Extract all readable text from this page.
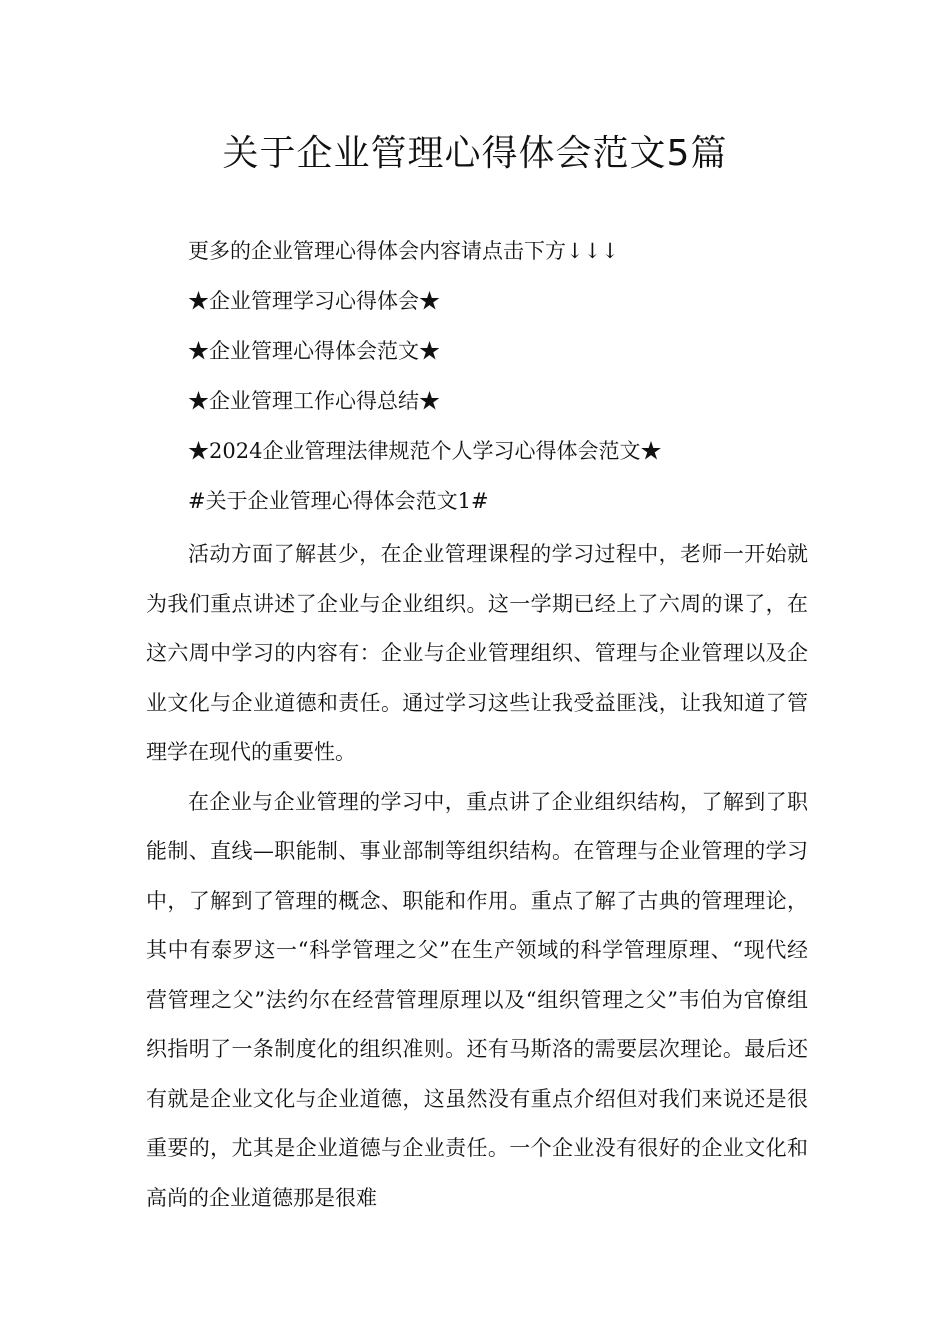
关于企业管理心得体会范文5篇
更多的企业管理心得体会内容请点击下方↓↓↓
★企业管理学习心得体会★
★企业管理心得体会范文★
★企业管理工作心得总结★
★2024企业管理法律规范个人学习心得体会范文★
#关于企业管理心得体会范文1#

活动方面了解甚少，在企业管理课程的学习过程中，老师一开始就为我们重点讲述了企业与企业组织。这一学期已经上了六周的课了，在这六周中学习的内容有：企业与企业管理组织、管理与企业管理以及企业文化与企业道德和责任。通过学习这些让我受益匪浅，让我知道了管理学在现代的重要性。

在企业与企业管理的学习中，重点讲了企业组织结构，了解到了职能制、直线—职能制、事业部制等组织结构。在管理与企业管理的学习中，了解到了管理的概念、职能和作用。重点了解了古典的管理理论，其中有泰罗这一“科学管理之父”在生产领域的科学管理原理、“现代经营管理之父”法约尔在经营管理原理以及“组织管理之父”韦伯为官僚组织指明了一条制度化的组织准则。还有马斯洛的需要层次理论。最后还有就是企业文化与企业道德，这虽然没有重点介绍但对我们来说还是很重要的，尤其是企业道德与企业责任。一个企业没有很好的企业文化和高尚的企业道德那是很难
